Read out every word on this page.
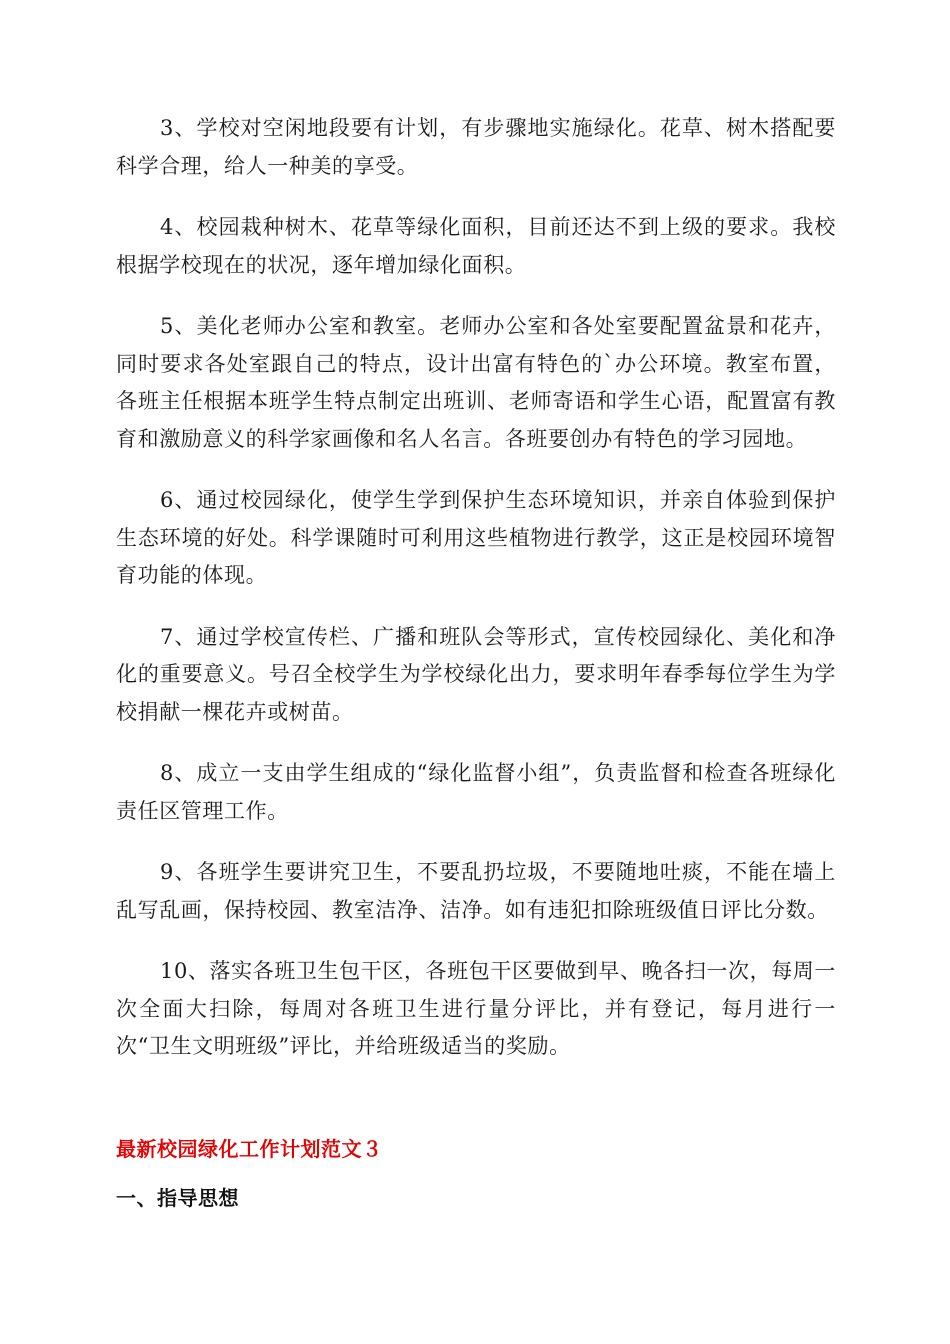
3、学校对空闲地段要有计划，有步骤地实施绿化。花草、树木搭配要科学合理，给人一种美的享受。

4、校园栽种树木、花草等绿化面积，目前还达不到上级的要求。我校根据学校现在的状况，逐年增加绿化面积。

5、美化老师办公室和教室。老师办公室和各处室要配置盆景和花卉，同时要求各处室跟自己的特点，设计出富有特色的`办公环境。教室布置，各班主任根据本班学生特点制定出班训、老师寄语和学生心语，配置富有教育和激励意义的科学家画像和名人名言。各班要创办有特色的学习园地。

6、通过校园绿化，使学生学到保护生态环境知识，并亲自体验到保护生态环境的好处。科学课随时可利用这些植物进行教学，这正是校园环境智育功能的体现。

7、通过学校宣传栏、广播和班队会等形式，宣传校园绿化、美化和净化的重要意义。号召全校学生为学校绿化出力，要求明年春季每位学生为学校捐献一棵花卉或树苗。

8、成立一支由学生组成的“绿化监督小组”，负责监督和检查各班绿化责任区管理工作。

9、各班学生要讲究卫生，不要乱扔垃圾，不要随地吐痰，不能在墙上乱写乱画，保持校园、教室洁净、洁净。如有违犯扣除班级值日评比分数。

10、落实各班卫生包干区，各班包干区要做到早、晚各扫一次，每周一次全面大扫除，每周对各班卫生进行量分评比，并有登记，每月进行一次“卫生文明班级”评比，并给班级适当的奖励。

最新校园绿化工作计划范文３
一、指导思想
